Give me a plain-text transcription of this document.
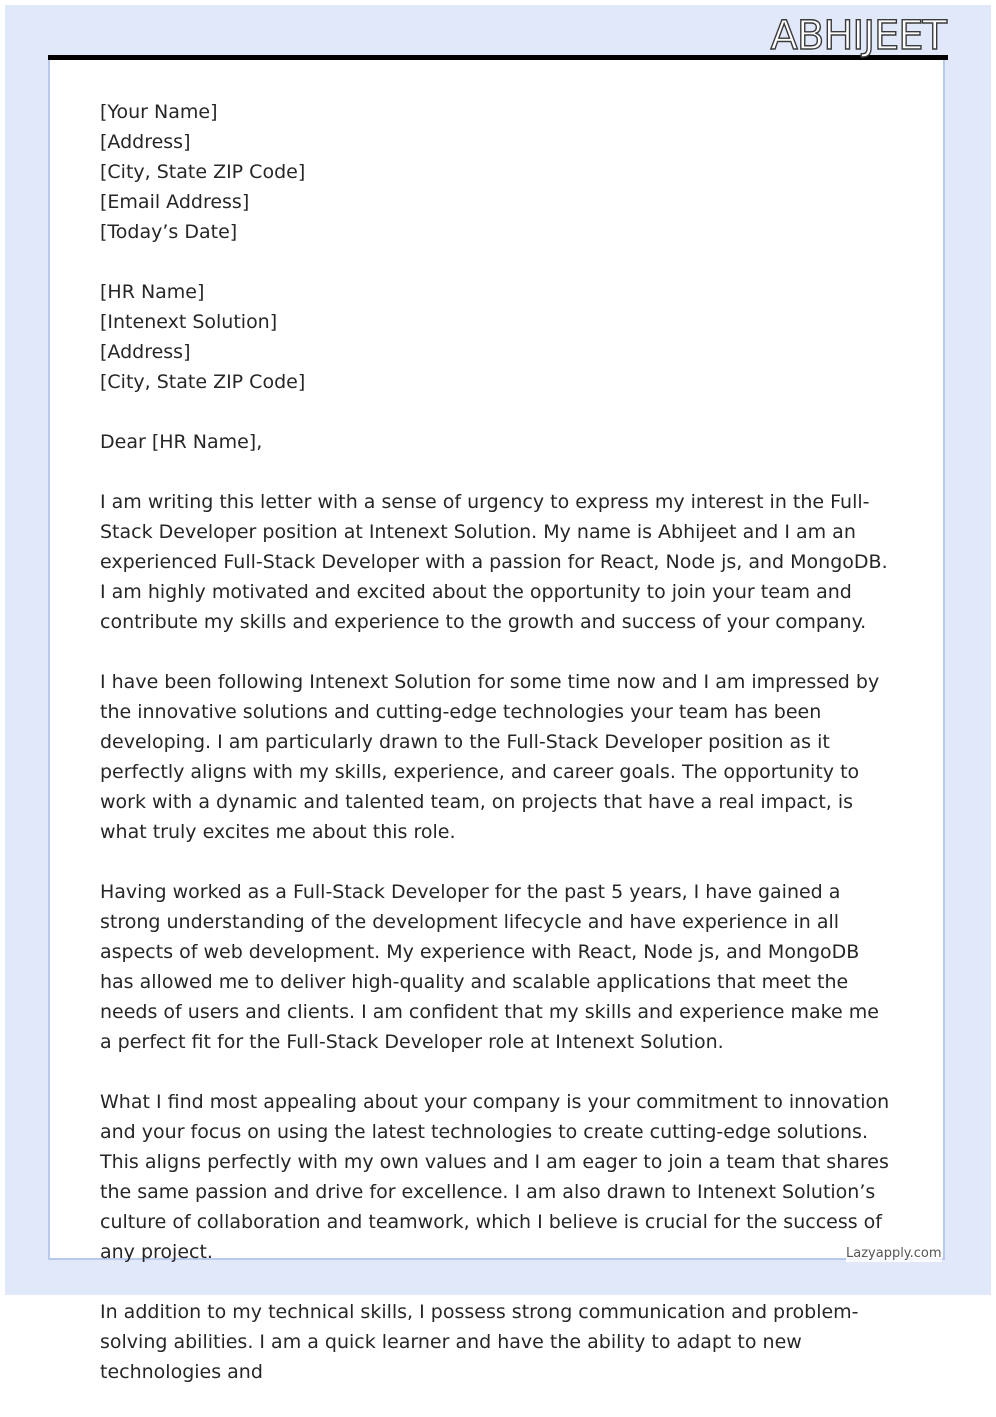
ABHIJEET
[Your Name]
[Address]
[City, State ZIP Code]
[Email Address]
[Today’s Date]
[HR Name]
[Intenext Solution]
[Address]
[City, State ZIP Code]
Dear [HR Name],

I am writing this letter with a sense of urgency to express my interest in the Full-Stack Developer position at Intenext Solution. My name is Abhijeet and I am an experienced Full-Stack Developer with a passion for React, Node js, and MongoDB. I am highly motivated and excited about the opportunity to join your team and contribute my skills and experience to the growth and success of your company.

I have been following Intenext Solution for some time now and I am impressed by the innovative solutions and cutting-edge technologies your team has been developing. I am particularly drawn to the Full-Stack Developer position as it perfectly aligns with my skills, experience, and career goals. The opportunity to work with a dynamic and talented team, on projects that have a real impact, is what truly excites me about this role.

Having worked as a Full-Stack Developer for the past 5 years, I have gained a strong understanding of the development lifecycle and have experience in all aspects of web development. My experience with React, Node js, and MongoDB has allowed me to deliver high-quality and scalable applications that meet the needs of users and clients. I am confident that my skills and experience make me a perfect fit for the Full-Stack Developer role at Intenext Solution.

What I find most appealing about your company is your commitment to innovation and your focus on using the latest technologies to create cutting-edge solutions. This aligns perfectly with my own values and I am eager to join a team that shares the same passion and drive for excellence. I am also drawn to Intenext Solution’s culture of collaboration and teamwork, which I believe is crucial for the success of any project.

In addition to my technical skills, I possess strong communication and problem-solving abilities. I am a quick learner and have the ability to adapt to new technologies and

Lazyapply.com
